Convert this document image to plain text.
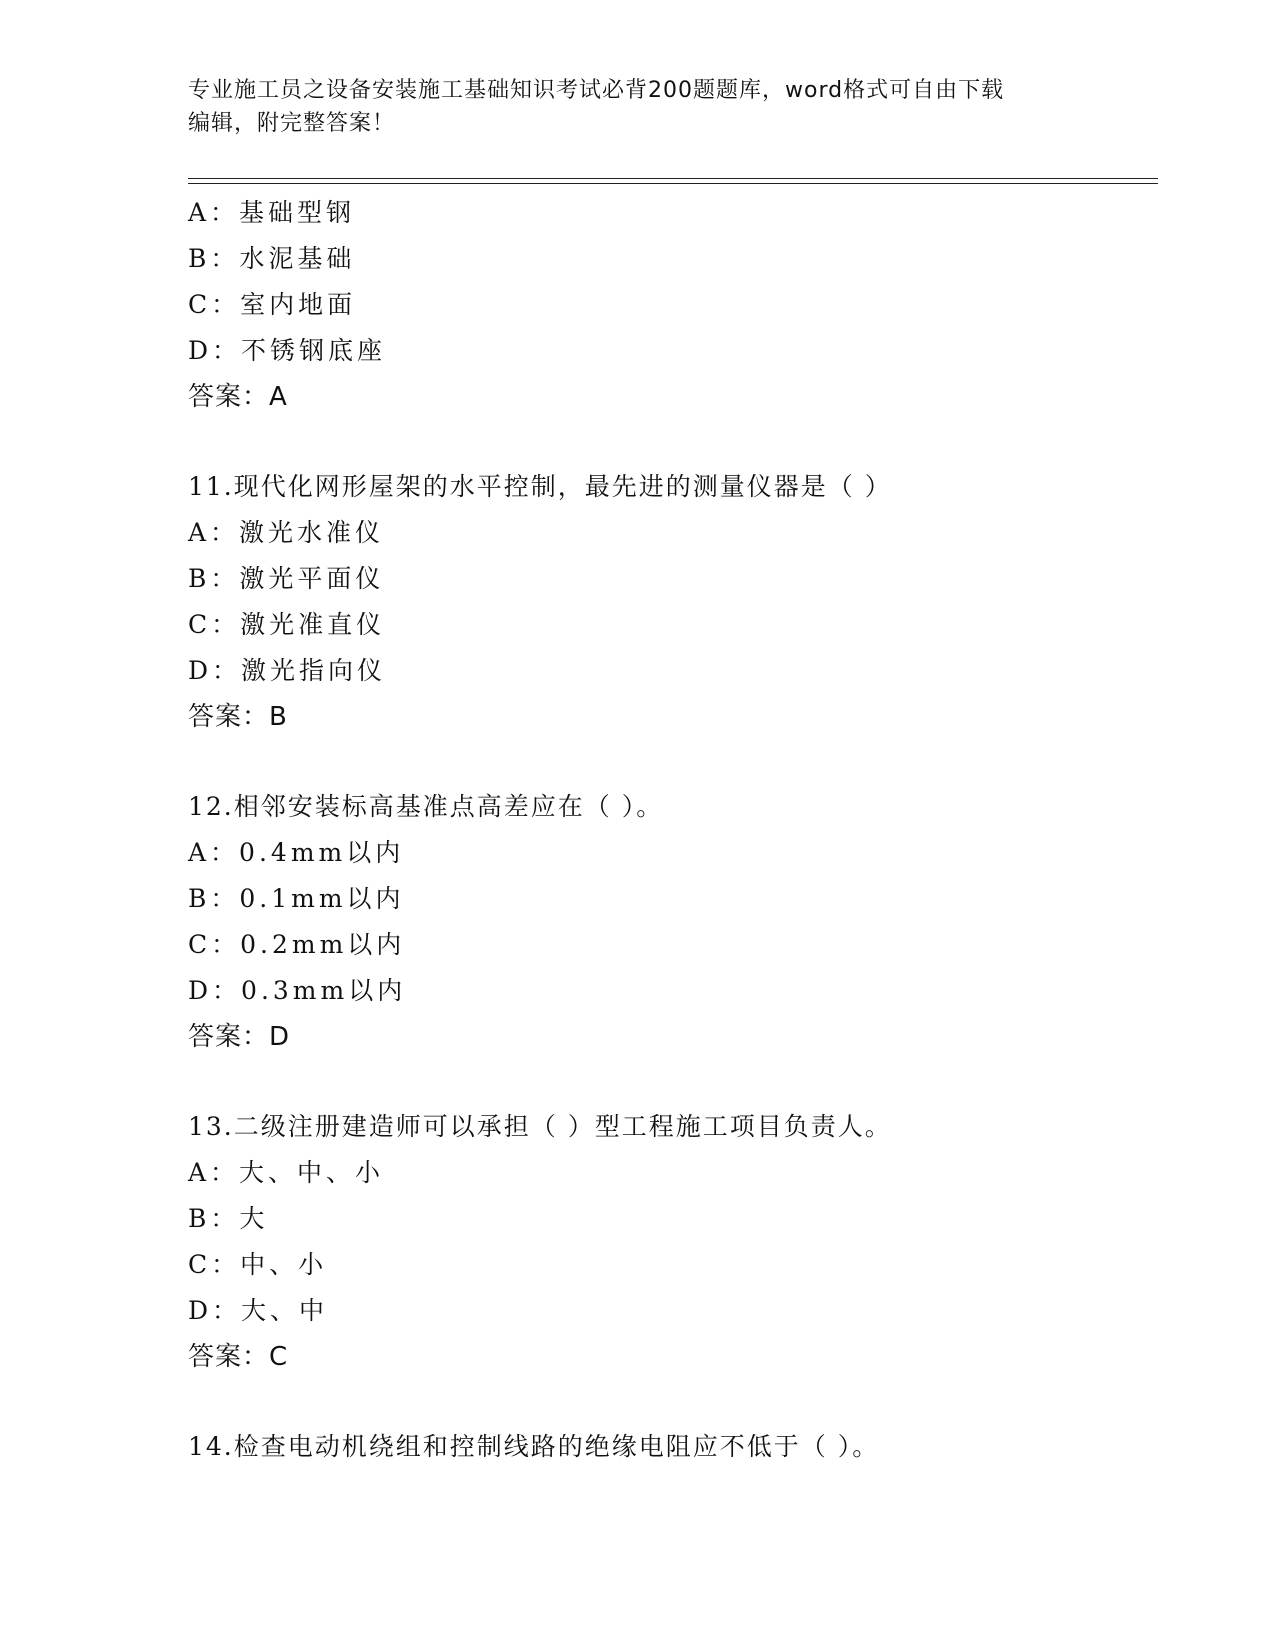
专业施工员之设备安装施工基础知识考试必背200题题库，word格式可自由下载
编辑，附完整答案！
A：基础型钢
B：水泥基础
C：室内地面
D：不锈钢底座
答案：A
11.现代化网形屋架的水平控制，最先进的测量仪器是（ ）
A：激光水准仪
B：激光平面仪
C：激光准直仪
D：激光指向仪
答案：B
12.相邻安装标高基准点高差应在（ ）。
A：0.4mm以内
B：0.1mm以内
C：0.2mm以内
D：0.3mm以内
答案：D
13.二级注册建造师可以承担（ ）型工程施工项目负责人。
A：大、中、小
B：大
C：中、小
D：大、中
答案：C
14.检查电动机绕组和控制线路的绝缘电阻应不低于（ ）。
